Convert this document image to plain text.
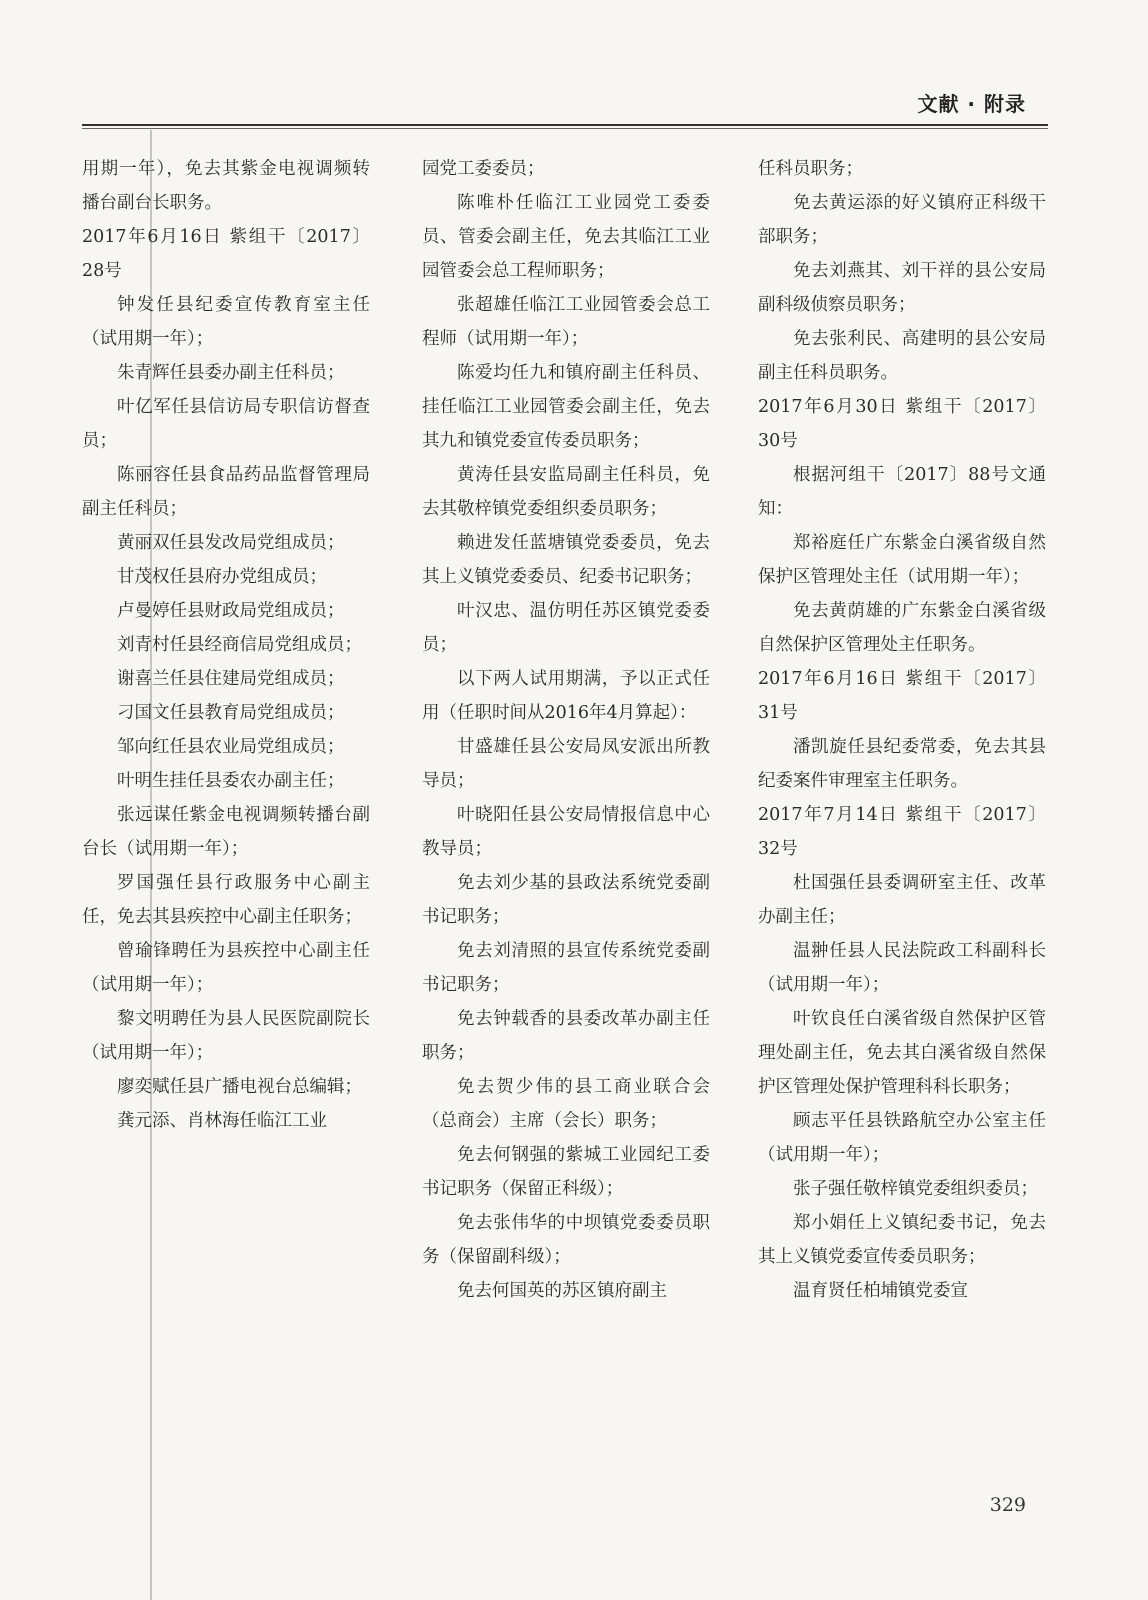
文献 · 附录

用期一年），免去其紫金电视调频转播台副台长职务。

2017年6月16日 紫组干〔2017〕28号

钟发任县纪委宣传教育室主任（试用期一年）；

朱青辉任县委办副主任科员；

叶亿军任县信访局专职信访督查员；

陈丽容任县食品药品监督管理局副主任科员；

黄丽双任县发改局党组成员；

甘茂权任县府办党组成员；

卢曼婷任县财政局党组成员；

刘青村任县经商信局党组成员；

谢喜兰任县住建局党组成员；

刁国文任县教育局党组成员；

邹向红任县农业局党组成员；

叶明生挂任县委农办副主任；

张远谋任紫金电视调频转播台副台长（试用期一年）；

罗国强任县行政服务中心副主任，免去其县疾控中心副主任职务；

曾瑜锋聘任为县疾控中心副主任（试用期一年）；

黎文明聘任为县人民医院副院长（试用期一年）；

廖奕赋任县广播电视台总编辑；

龚元添、肖林海任临江工业

园党工委委员；

陈唯朴任临江工业园党工委委员、管委会副主任，免去其临江工业园管委会总工程师职务；

张超雄任临江工业园管委会总工程师（试用期一年）；

陈爱均任九和镇府副主任科员、挂任临江工业园管委会副主任，免去其九和镇党委宣传委员职务；

黄涛任县安监局副主任科员，免去其敬梓镇党委组织委员职务；

赖进发任蓝塘镇党委委员，免去其上义镇党委委员、纪委书记职务；

叶汉忠、温仿明任苏区镇党委委员；

以下两人试用期满，予以正式任用（任职时间从2016年4月算起）：

甘盛雄任县公安局凤安派出所教导员；

叶晓阳任县公安局情报信息中心教导员；

免去刘少基的县政法系统党委副书记职务；

免去刘清照的县宣传系统党委副书记职务；

免去钟载香的县委改革办副主任职务；

免去贺少伟的县工商业联合会（总商会）主席（会长）职务；

免去何钢强的紫城工业园纪工委书记职务（保留正科级）；

免去张伟华的中坝镇党委委员职务（保留副科级）；

免去何国英的苏区镇府副主

任科员职务；

免去黄运添的好义镇府正科级干部职务；

免去刘燕其、刘干祥的县公安局副科级侦察员职务；

免去张利民、高建明的县公安局副主任科员职务。

2017年6月30日 紫组干〔2017〕30号

根据河组干〔2017〕88号文通知：

郑裕庭任广东紫金白溪省级自然保护区管理处主任（试用期一年）；

免去黄荫雄的广东紫金白溪省级自然保护区管理处主任职务。

2017年6月16日 紫组干〔2017〕31号

潘凯旋任县纪委常委，免去其县纪委案件审理室主任职务。

2017年7月14日 紫组干〔2017〕32号

杜国强任县委调研室主任、改革办副主任；

温翀任县人民法院政工科副科长（试用期一年）；

叶钦良任白溪省级自然保护区管理处副主任，免去其白溪省级自然保护区管理处保护管理科科长职务；

顾志平任县铁路航空办公室主任（试用期一年）；

张子强任敬梓镇党委组织委员；

郑小娟任上义镇纪委书记，免去其上义镇党委宣传委员职务；

温育贤任柏埔镇党委宣

329
